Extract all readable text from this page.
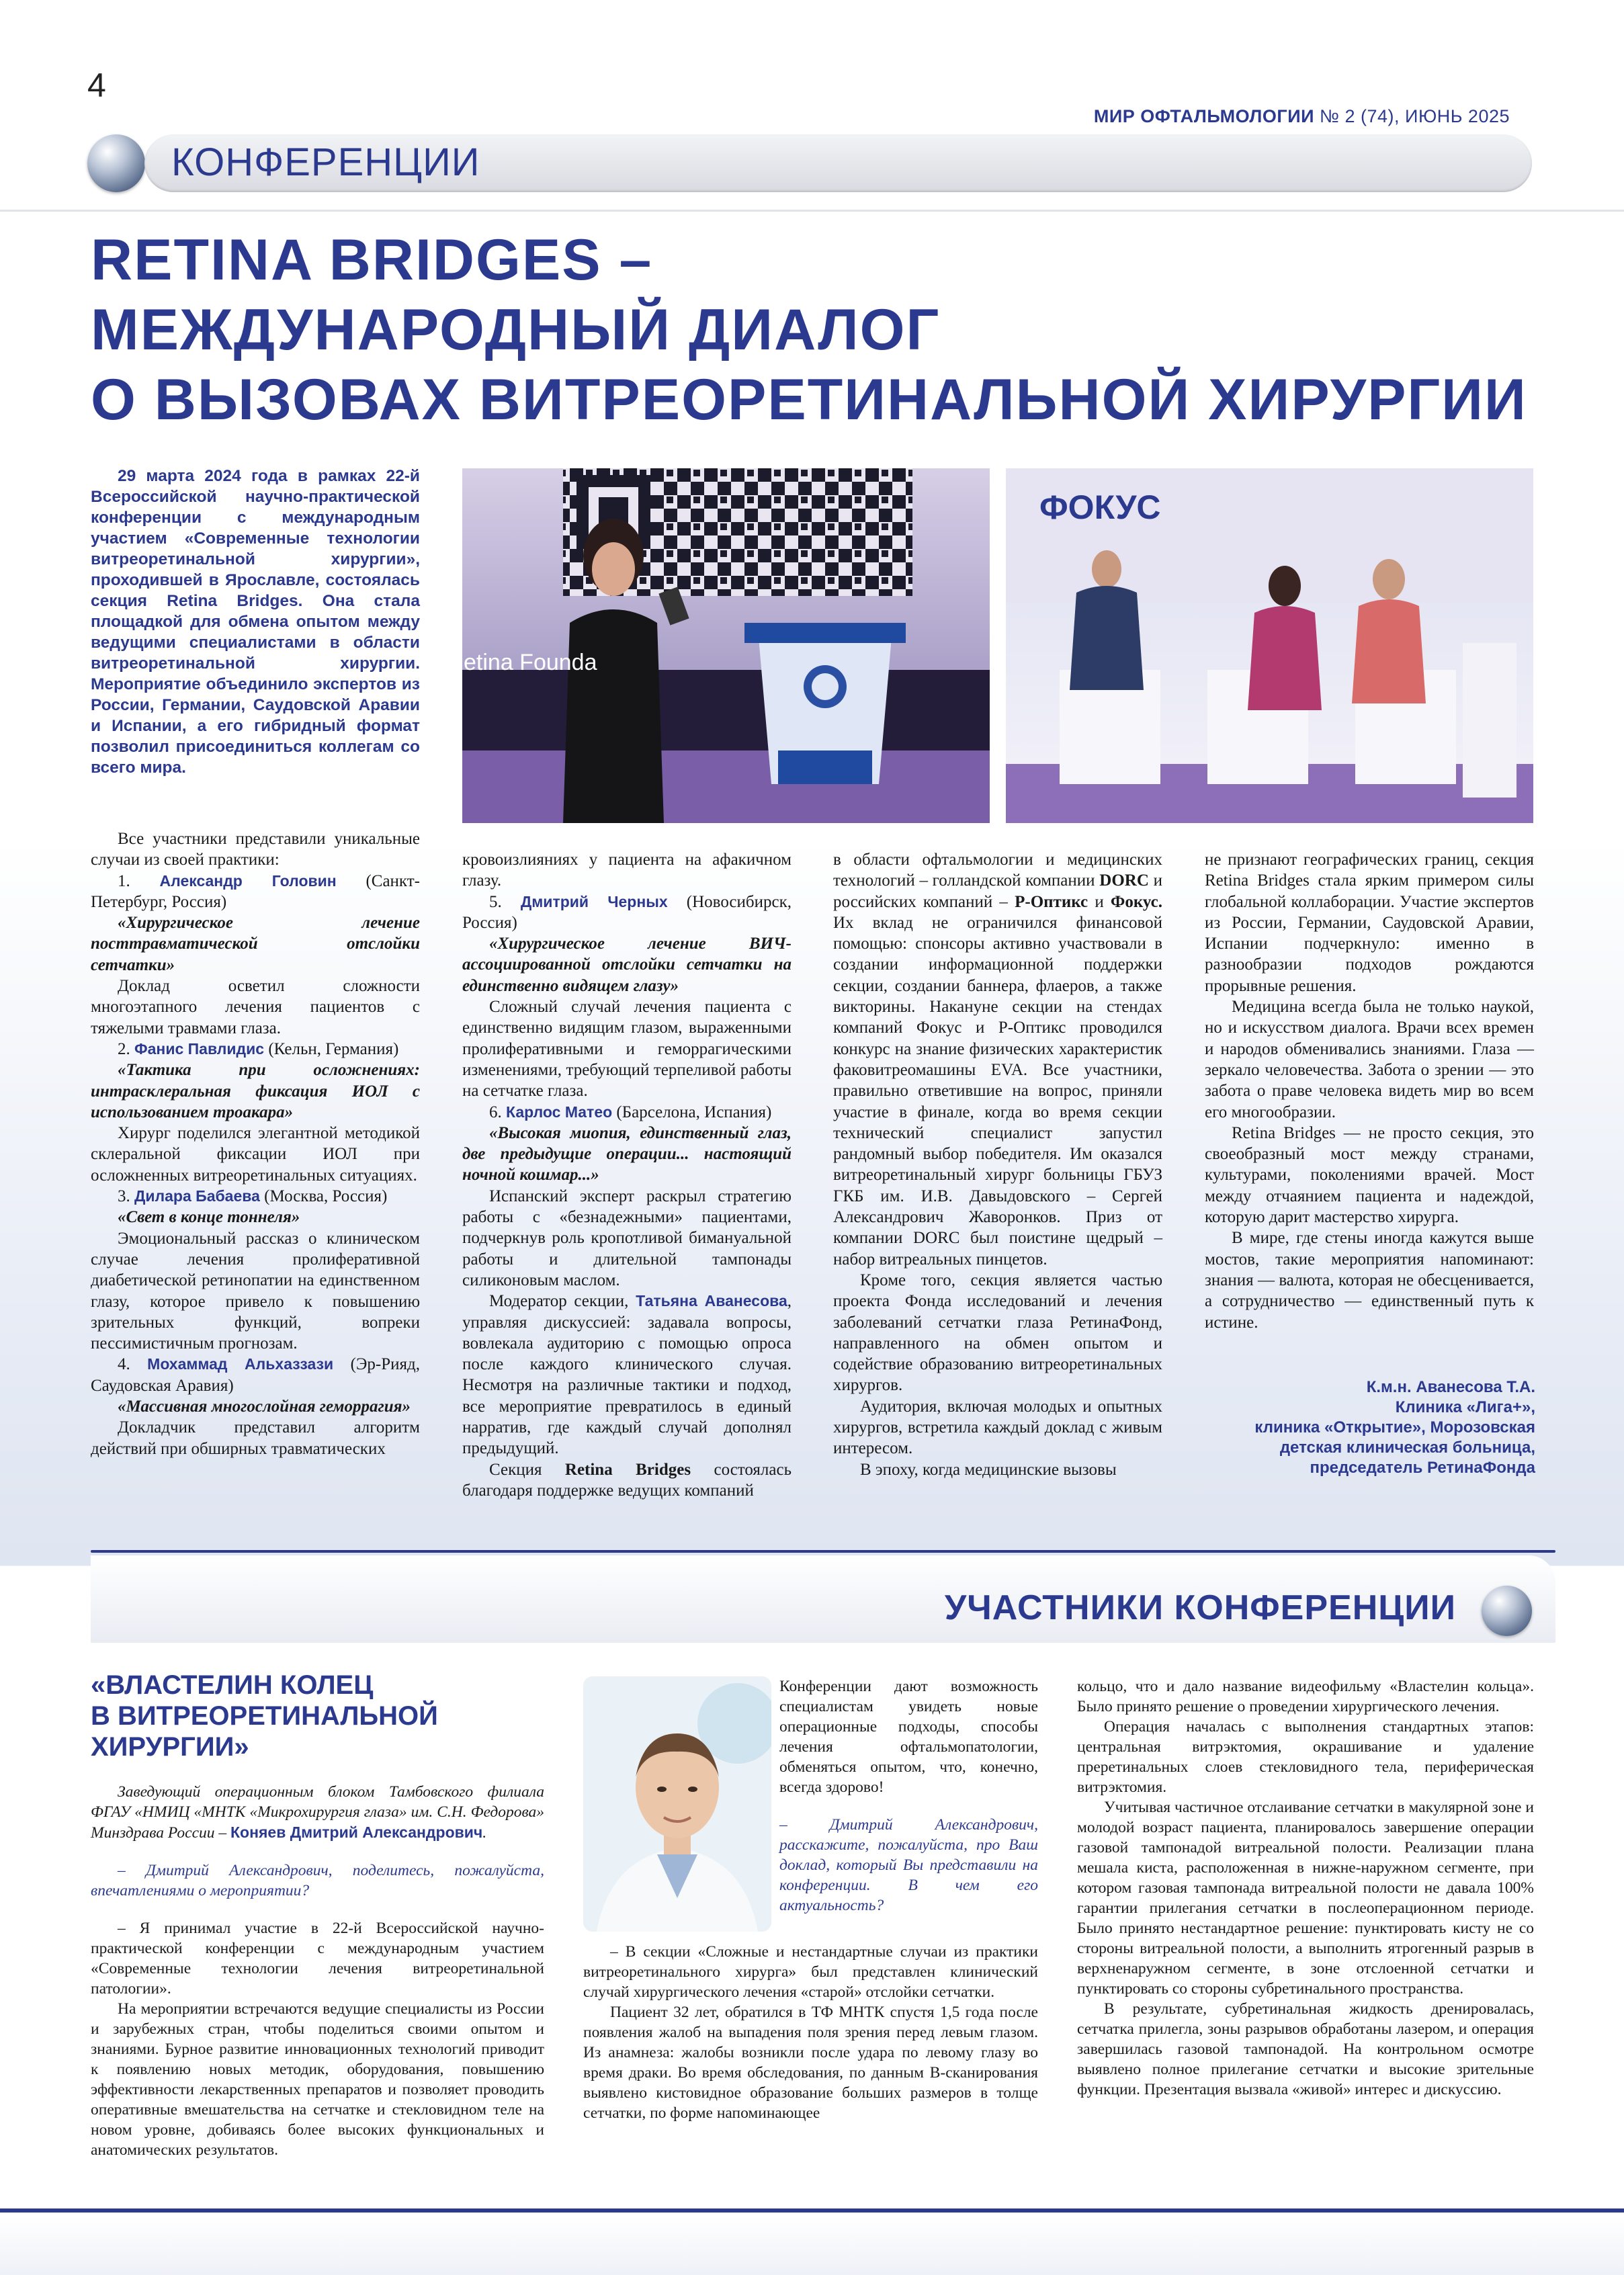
4
МИР ОФТАЛЬМОЛОГИИ № 2 (74), ИЮНЬ 2025
КОНФЕРЕНЦИИ
RETINA BRIDGES –
МЕЖДУНАРОДНЫЙ ДИАЛОГ
О ВЫЗОВАХ ВИТРЕОРЕТИНАЛЬНОЙ ХИРУРГИИ
29 марта 2024 года в рамках 22-й Всероссийской научно-практической конференции с международным участием «Современные технологии витреоретинальной хирургии», проходившей в Ярославле, состоялась секция Retina Bridges. Она стала площадкой для обмена опытом между ведущими специалистами в области витреоретинальной хирургии. Мероприятие объединило экспертов из России, Германии, Саудовской Аравии и Испании, а его гибридный формат позволил присоединиться коллегам со всего мира.
etina Founda
ФОКУС

Все участники представили уникальные случаи из своей практики:

1. Александр Головин (Санкт-Петербург, Россия)

«Хирургическое лечение посттравматической отслойки сетчатки»

Доклад осветил сложности многоэтапного лечения пациентов с тяжелыми травмами глаза.

2. Фанис Павлидис (Кельн, Германия)

«Тактика при осложнениях: интрасклеральная фиксация ИОЛ с использованием троакара»

Хирург поделился элегантной методикой склеральной фиксации ИОЛ при осложненных витреоретинальных ситуациях.

3. Дилара Бабаева (Москва, Россия)

«Свет в конце тоннеля»

Эмоциональный рассказ о клиническом случае лечения пролиферативной диабетической ретинопатии на единственном глазу, которое привело к повышению зрительных функций, вопреки пессимистичным прогнозам.

4. Мохаммад Альхаззази (Эр-Рияд, Саудовская Аравия)

«Массивная многослойная геморрагия»

Докладчик представил алгоритм действий при обширных травматических

кровоизлияниях у пациента на афакичном глазу.

5. Дмитрий Черных (Новосибирск, Россия)

«Хирургическое лечение ВИЧ-ассоциированной отслойки сетчатки на единственно видящем глазу»

Сложный случай лечения пациента с единственно видящим глазом, выраженными пролиферативными и геморрагическими изменениями, требующий терпеливой работы на сетчатке глаза.

6. Карлос Матео (Барселона, Испания)

«Высокая миопия, единственный глаз, две предыдущие операции... настоящий ночной кошмар...»

Испанский эксперт раскрыл стратегию работы с «безнадежными» пациентами, подчеркнув роль кропотливой бимануальной работы и длительной тампонады силиконовым маслом.

Модератор секции, Татьяна Аванесова, управляя дискуссией: задавала вопросы, вовлекала аудиторию с помощью опроса после каждого клинического случая. Несмотря на различные тактики и подход, все мероприятие превратилось в единый нарратив, где каждый случай дополнял предыдущий.

Секция Retina Bridges состоялась благодаря поддержке ведущих компаний

в области офтальмологии и медицинских технологий – голландской компании DORC и российских компаний – Р-Оптикс и Фокус. Их вклад не ограничился финансовой помощью: спонсоры активно участвовали в создании информационной поддержки секции, создании баннера, флаеров, а также викторины. Накануне секции на стендах компаний Фокус и Р-Оптикс проводился конкурс на знание физических характеристик факовитреомашины EVA. Все участники, правильно ответившие на вопрос, приняли участие в финале, когда во время секции технический специалист запустил рандомный выбор победителя. Им оказался витреоретинальный хирург больницы ГБУЗ ГКБ им. И.В. Давыдовского – Сергей Александрович Жаворонков. Приз от компании DORC был поистине щедрый – набор витреальных пинцетов.

Кроме того, секция является частью проекта Фонда исследований и лечения заболеваний сетчатки глаза РетинаФонд, направленного на обмен опытом и содействие образованию витреоретинальных хирургов.

Аудитория, включая молодых и опытных хирургов, встретила каждый доклад с живым интересом.

В эпоху, когда медицинские вызовы

не признают географических границ, секция Retina Bridges стала ярким примером силы глобальной коллаборации. Участие экспертов из России, Германии, Саудовской Аравии, Испании подчеркнуло: именно в разнообразии подходов рождаются прорывные решения.

Медицина всегда была не только наукой, но и искусством диалога. Врачи всех времен и народов обменивались знаниями. Глаза — зеркало человечества. Забота о зрении — это забота о праве человека видеть мир во всем его многообразии.

Retina Bridges — не просто секция, это своеобразный мост между странами, культурами, поколениями врачей. Мост между отчаянием пациента и надеждой, которую дарит мастерство хирурга.

В мире, где стены иногда кажутся выше мостов, такие мероприятия напоминают: знания — валюта, которая не обесценивается, а сотрудничество — единственный путь к истине.

К.м.н. Аванесова Т.А.
Клиника «Лига+»,
клиника «Открытие», Морозовская
детская клиническая больница,
председатель РетинаФонда
УЧАСТНИКИ КОНФЕРЕНЦИИ
«ВЛАСТЕЛИН КОЛЕЦ
В ВИТРЕОРЕТИНАЛЬНОЙ
ХИРУРГИИ»

Заведующий операционным блоком Тамбовского филиала ФГАУ «НМИЦ «МНТК «Микрохирургия глаза» им. С.Н. Федорова» Минздрава России – Коняев Дмитрий Александрович.

– Дмитрий Александрович, поделитесь, пожалуйста, впечатлениями о мероприятии?

– Я принимал участие в 22-й Всероссийской научно-практической конференции с международным участием «Современные технологии лечения витреоретинальной патологии».

На мероприятии встречаются ведущие специалисты из России и зарубежных стран, чтобы поделиться своими опытом и знаниями. Бурное развитие инновационных технологий приводит к появлению новых методик, оборудования, повышению эффективности лекарственных препаратов и позволяет проводить оперативные вмешательства на сетчатке и стекловидном теле на новом уровне, добиваясь более высоких функциональных и анатомических результатов.

Конференции дают возможность специалистам увидеть новые операционные подходы, способы лечения офтальмопатологии, обменяться опытом, что, конечно, всегда здорово!

– Дмитрий Александрович, расскажите, пожалуйста, про Ваш доклад, который Вы представили на конференции. В чем его актуальность?

– В секции «Сложные и нестандартные случаи из практики витреоретинального хирурга» был представлен клинический случай хирургического лечения «старой» отслойки сетчатки.

Пациент 32 лет, обратился в ТФ МНТК спустя 1,5 года после появления жалоб на выпадения поля зрения перед левым глазом. Из анамнеза: жалобы возникли после удара по левому глазу во время драки. Во время обследования, по данным В-сканирования выявлено кистовидное образование больших размеров в толще сетчатки, по форме напоминающее

кольцо, что и дало название видеофильму «Властелин кольца». Было принято решение о проведении хирургического лечения.

Операция началась с выполнения стандартных этапов: центральная витрэктомия, окрашивание и удаление преретинальных слоев стекловидного тела, периферическая витрэктомия.

Учитывая частичное отслаивание сетчатки в макулярной зоне и молодой возраст пациента, планировалось завершение операции газовой тампонадой витреальной полости. Реализации плана мешала киста, расположенная в нижне-наружном сегменте, при котором газовая тампонада витреальной полости не давала 100% гарантии прилегания сетчатки в послеоперационном периоде. Было принято нестандартное решение: пунктировать кисту не со стороны витреальной полости, а выполнить ятрогенный разрыв в верхненаружном сегменте, в зоне отслоенной сетчатки и пунктировать со стороны субретинального пространства.

В результате, субретинальная жидкость дренировалась, сетчатка прилегла, зоны разрывов обработаны лазером, и операция завершилась газовой тампонадой. На контрольном осмотре выявлено полное прилегание сетчатки и высокие зрительные функции. Презентация вызвала «живой» интерес и дискуссию.
